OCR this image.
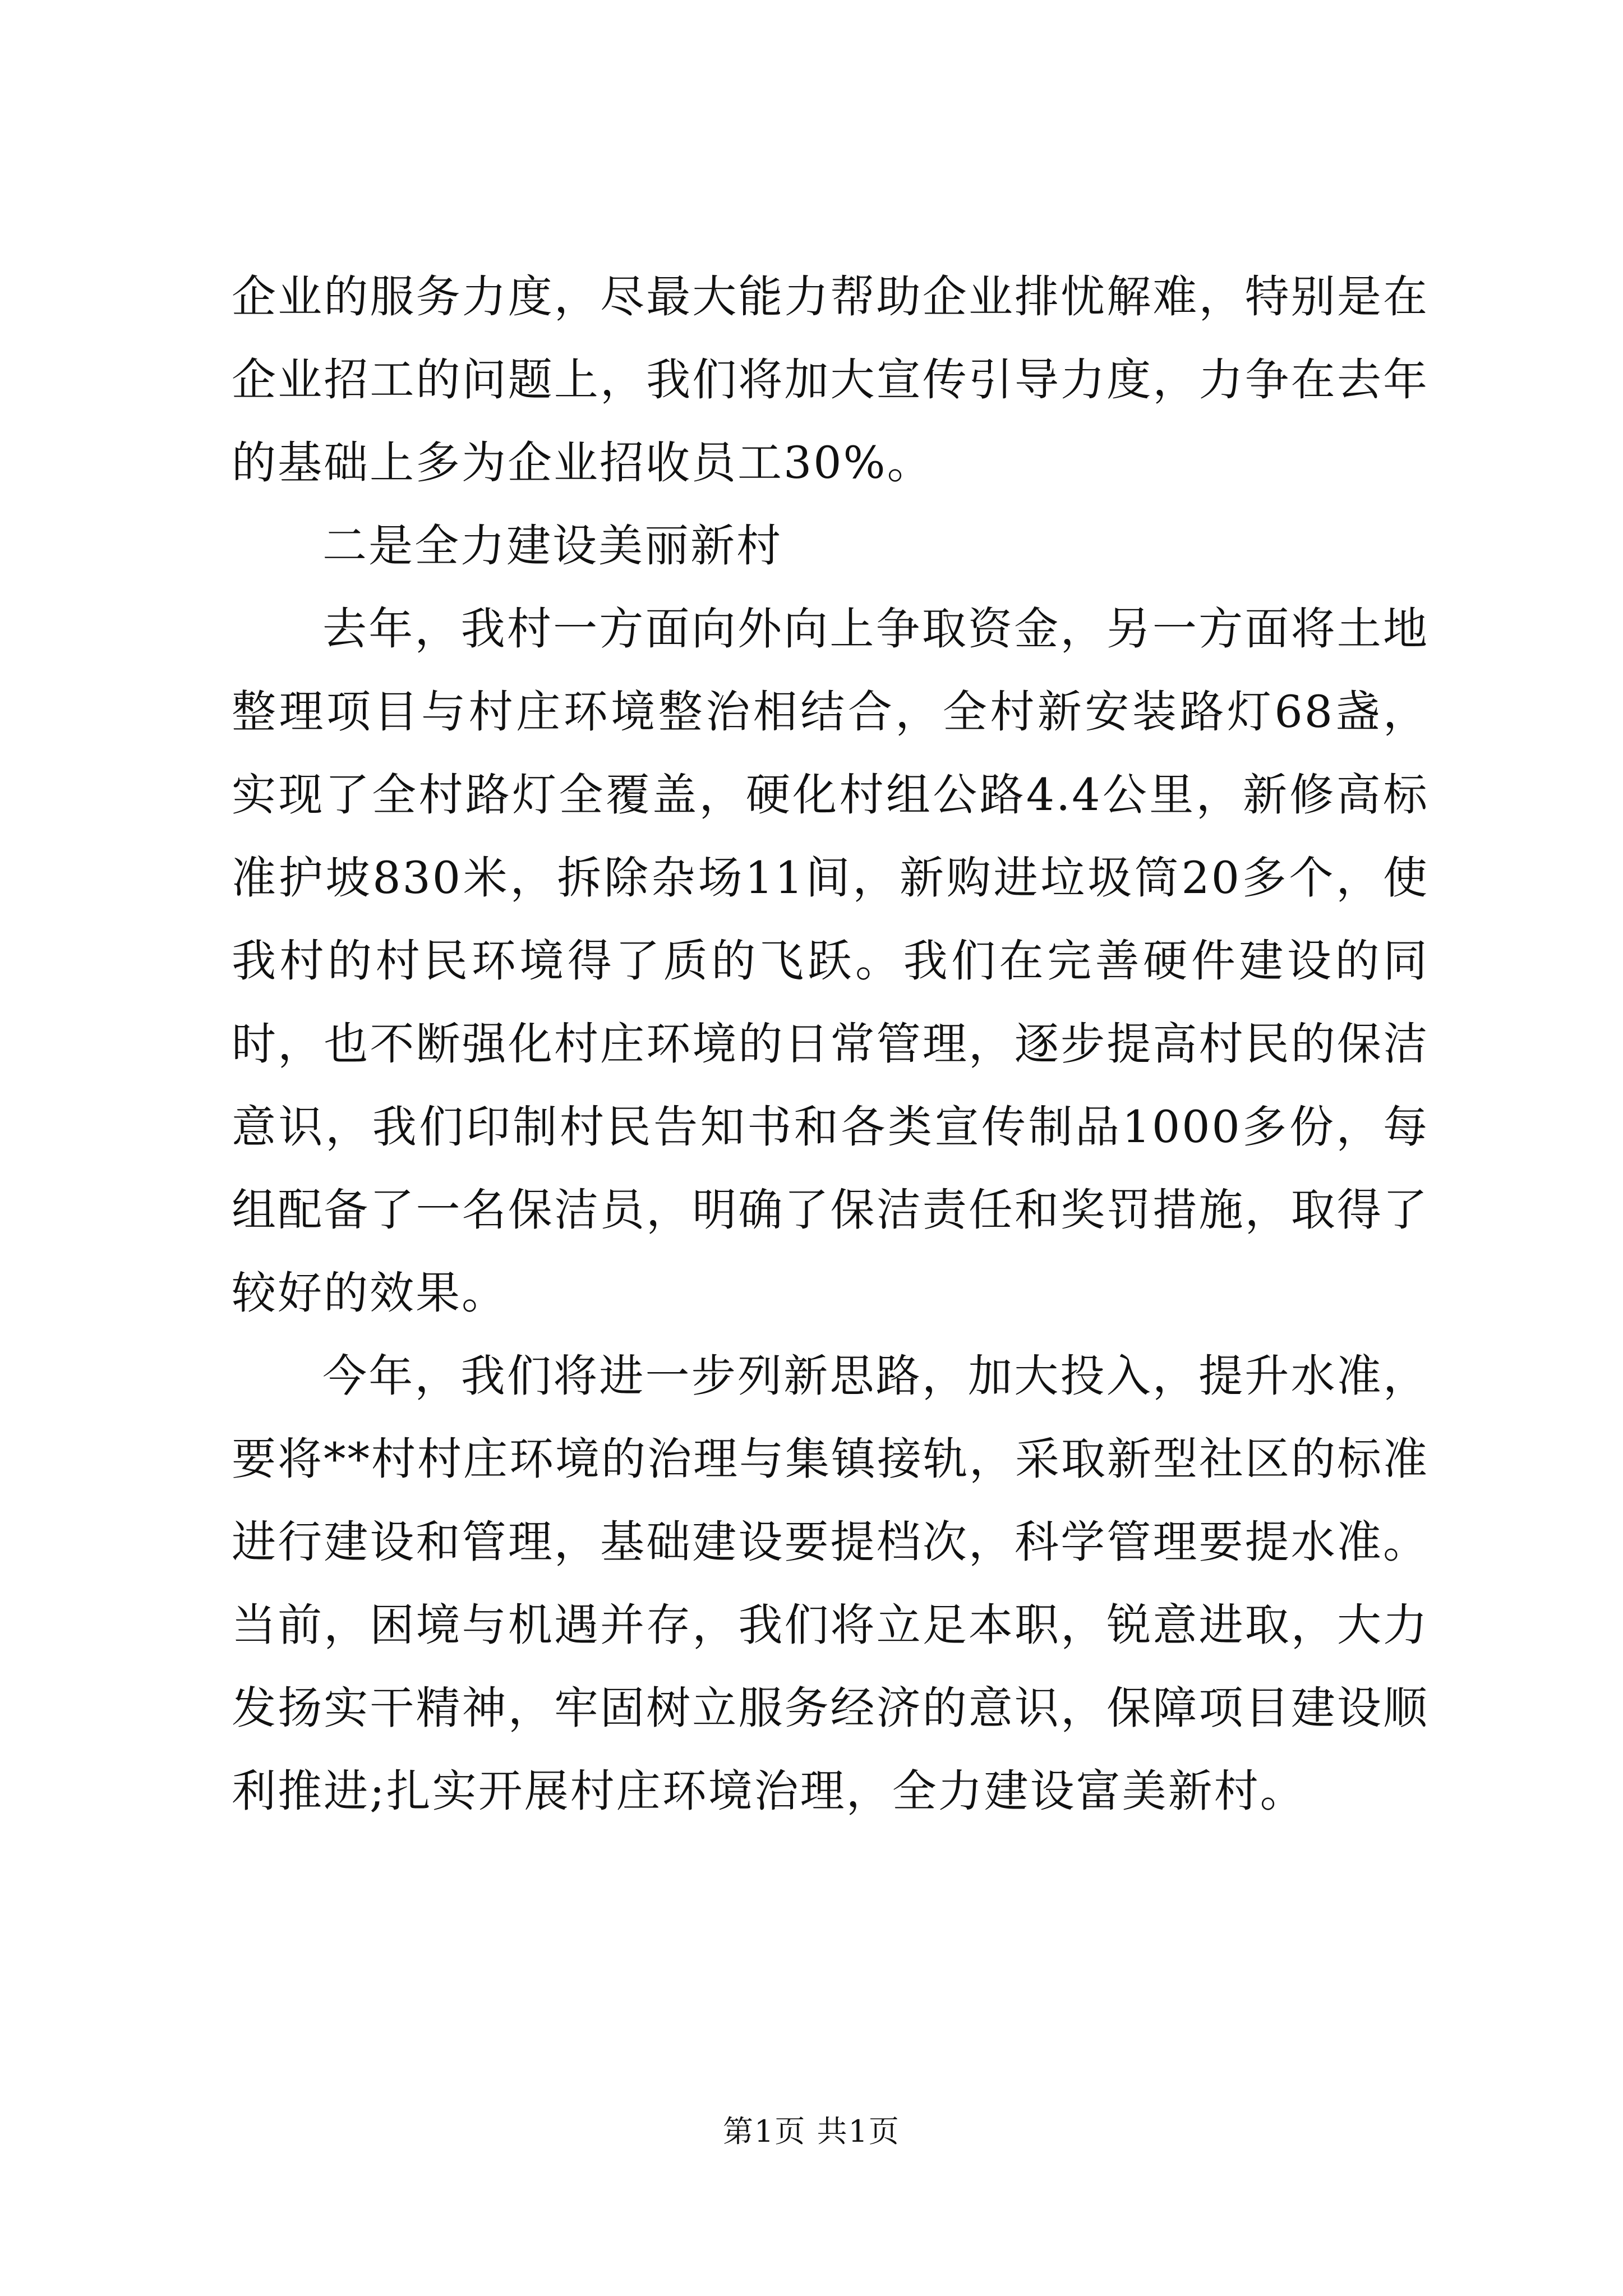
企业的服务力度，尽最大能力帮助企业排忧解难，特别是在企业招工的问题上，我们将加大宣传引导力度，力争在去年的基础上多为企业招收员工30%。

二是全力建设美丽新村

去年，我村一方面向外向上争取资金，另一方面将土地整理项目与村庄环境整治相结合，全村新安装路灯68盏，实现了全村路灯全覆盖，硬化村组公路4.4公里，新修高标准护坡830米，拆除杂场11间，新购进垃圾筒20多个，使我村的村民环境得了质的飞跃。我们在完善硬件建设的同时，也不断强化村庄环境的日常管理，逐步提高村民的保洁意识，我们印制村民告知书和各类宣传制品1000多份，每组配备了一名保洁员，明确了保洁责任和奖罚措施，取得了较好的效果。

今年，我们将进一步列新思路，加大投入，提升水准，要将**村村庄环境的治理与集镇接轨，采取新型社区的标准进行建设和管理，基础建设要提档次，科学管理要提水准。当前，困境与机遇并存，我们将立足本职，锐意进取，大力发扬实干精神，牢固树立服务经济的意识，保障项目建设顺利推进;扎实开展村庄环境治理，全力建设富美新村。

第1页 共1页
